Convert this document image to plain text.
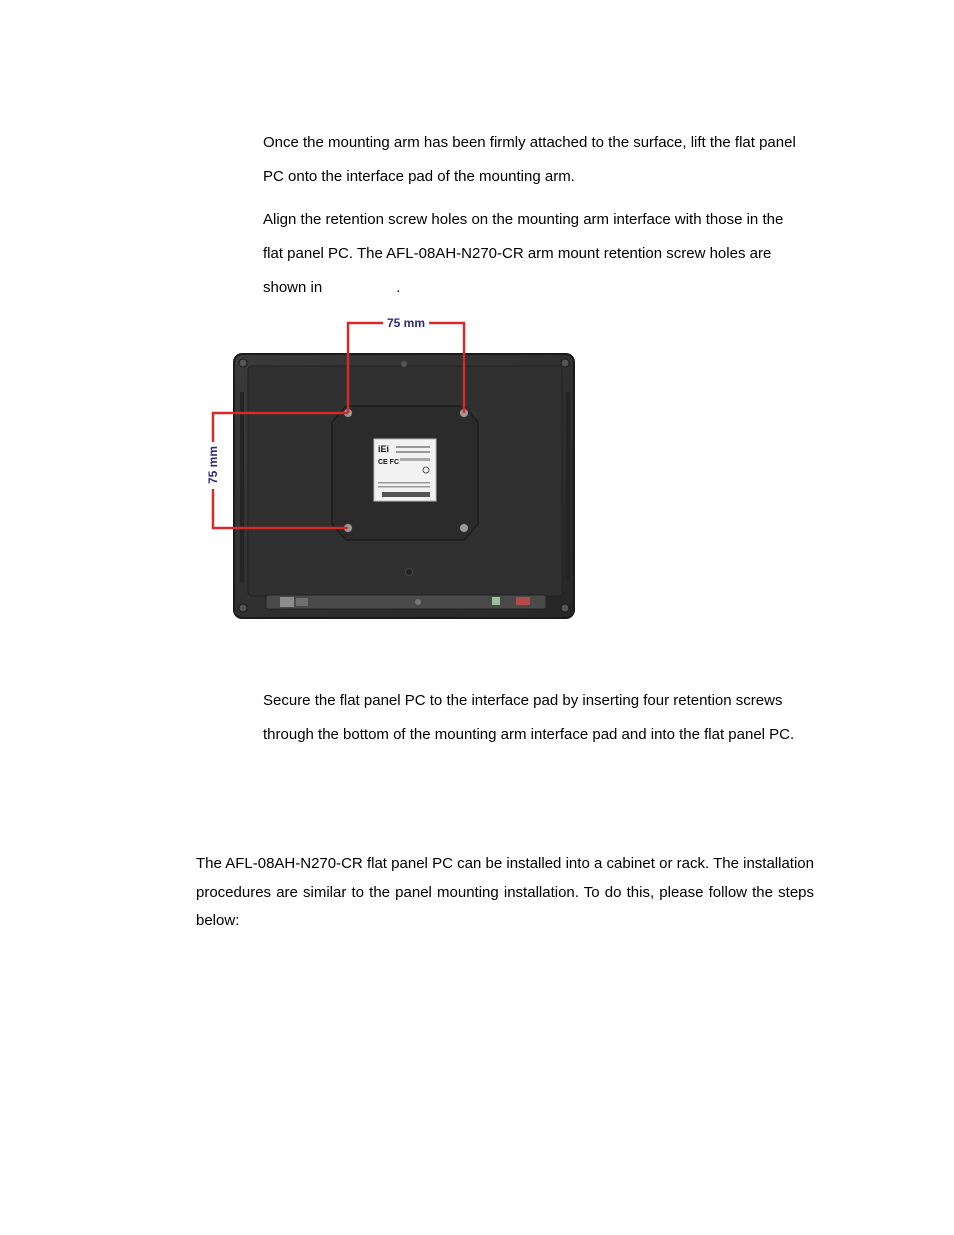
Once the mounting arm has been firmly attached to the surface, lift the flat panel
PC onto the interface pad of the mounting arm.

Align the retention screw holes on the mounting arm interface with those in the
flat panel PC. The AFL-08AH-N270-CR arm mount retention screw holes are
shown in	.

iEi
CE FC
75 mm
75 mm

Secure the flat panel PC to the interface pad by inserting four retention screws
through the bottom of the mounting arm interface pad and into the flat panel PC.

The AFL-08AH-N270-CR flat panel PC can be installed into a cabinet or rack. The installation procedures are similar to the panel mounting installation. To do this, please follow the steps below:
